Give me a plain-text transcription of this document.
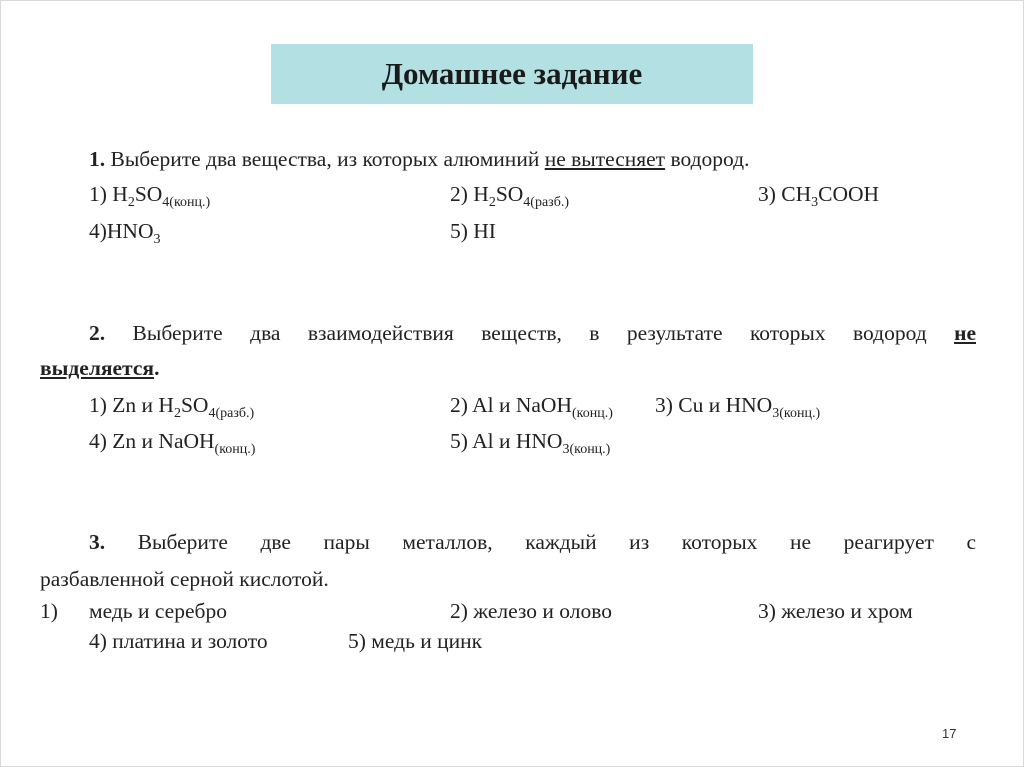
Домашнее задание
1. Выберите два вещества, из которых алюминий не вытесняет водород.
1) $H_2SO_{4(конц.)}$	2) $H_2SO_{4(разб.)}$	3) $CH_3COOH$
$4)HNO_3$	5) HI
2. Выберите два взаимодействия веществ, в результате которых водород не
выделяется.
1) Zn и $H_2SO_{4(разб.)}$	2) Al и NaOH$_{(конц.)}$ 3) Cu и $HNO_{3(конц.)}$
4) Zn и NaOH$_{(конц.)}$	5) Al и $HNO_{3(конц.)}$
3. Выберите две пары металлов, каждый из которых не реагирует с
разбавленной серной кислотой.
1) медь и серебро	2) железо и олово	3) железо и хром
4) платина и золото	5) медь и цинк
17
